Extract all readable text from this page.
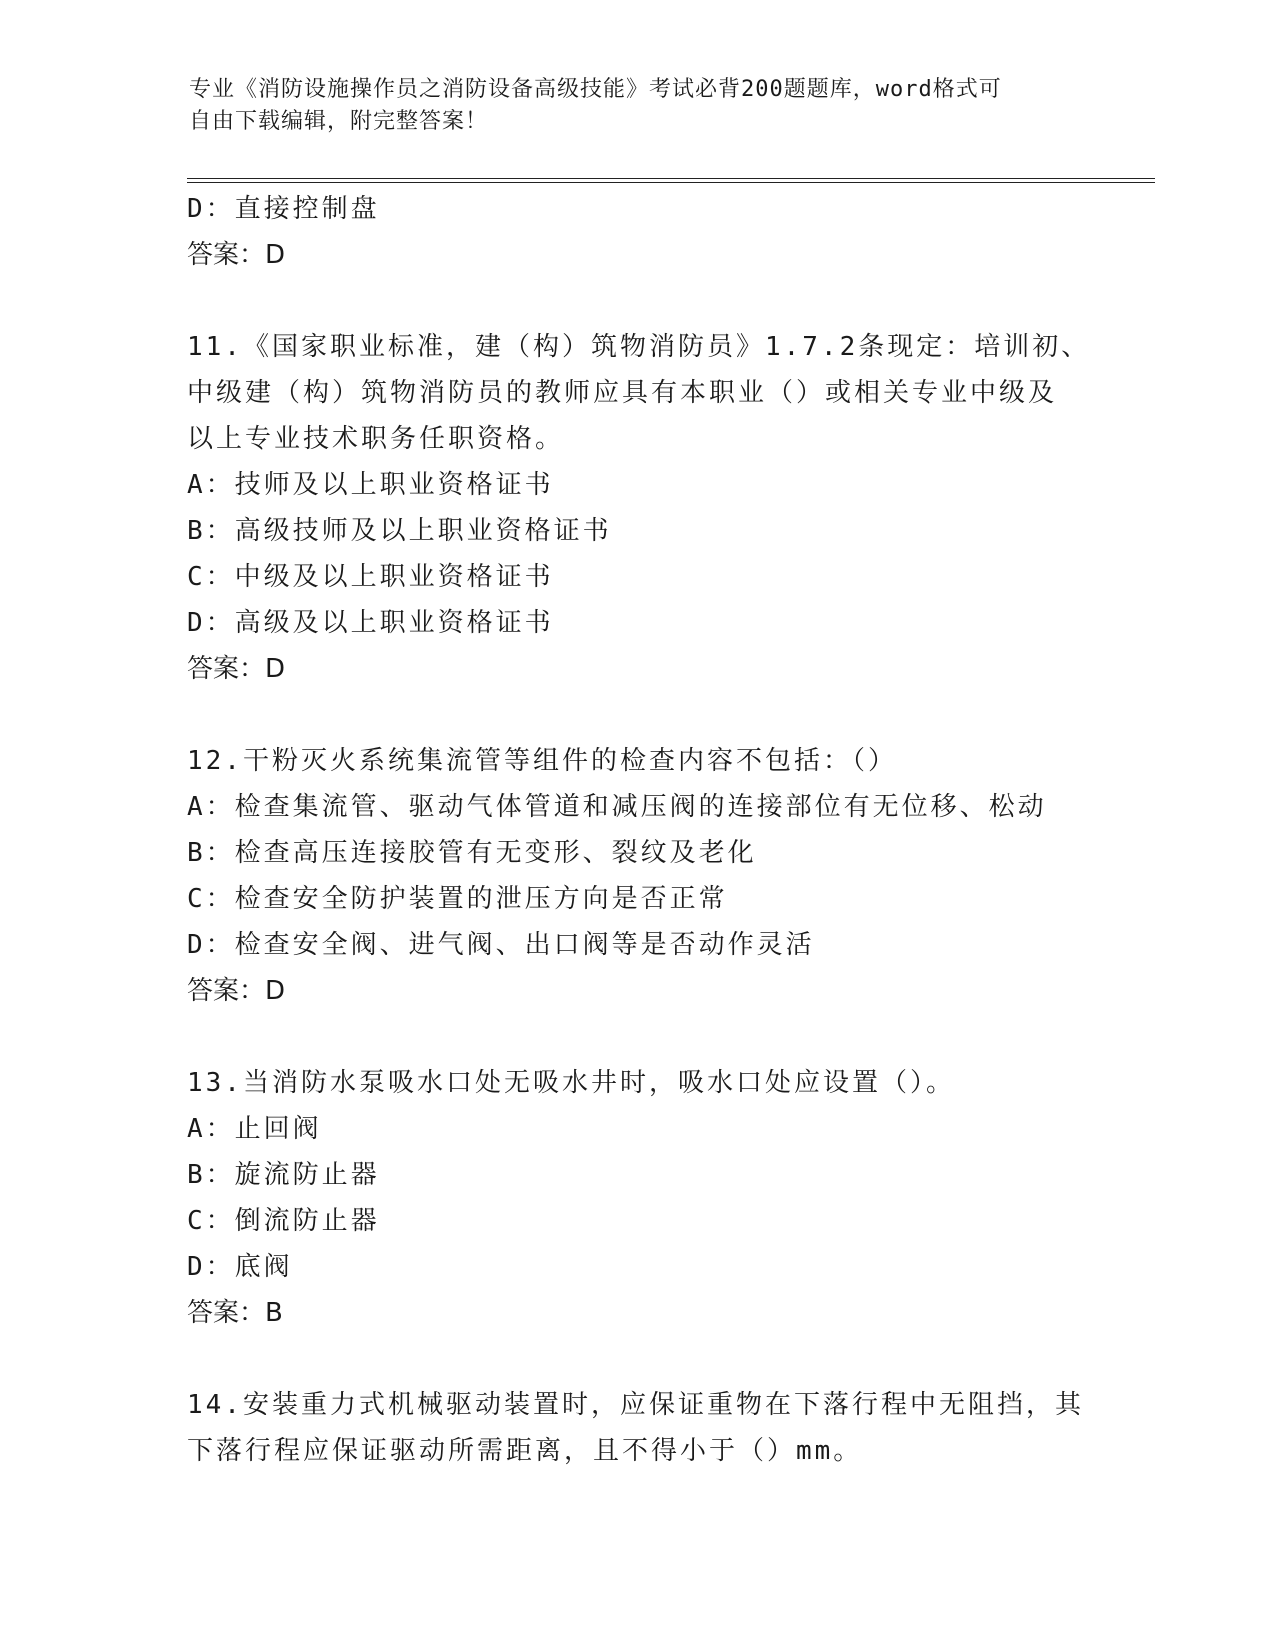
专业《消防设施操作员之消防设备高级技能》考试必背200题题库，word格式可
自由下载编辑，附完整答案！
D：直接控制盘
答案：D
11.《国家职业标准，建（构）筑物消防员》1.7.2条现定：培训初、
中级建（构）筑物消防员的教师应具有本职业（）或相关专业中级及
以上专业技术职务任职资格。
A：技师及以上职业资格证书
B：高级技师及以上职业资格证书
C：中级及以上职业资格证书
D：高级及以上职业资格证书
答案：D
12.干粉灭火系统集流管等组件的检查内容不包括：（）
A：检查集流管、驱动气体管道和减压阀的连接部位有无位移、松动
B：检查高压连接胶管有无变形、裂纹及老化
C：检查安全防护装置的泄压方向是否正常
D：检查安全阀、进气阀、出口阀等是否动作灵活
答案：D
13.当消防水泵吸水口处无吸水井时，吸水口处应设置（）。
A：止回阀
B：旋流防止器
C：倒流防止器
D：底阀
答案：B
14.安装重力式机械驱动装置时，应保证重物在下落行程中无阻挡，其
下落行程应保证驱动所需距离，且不得小于（）mm。
